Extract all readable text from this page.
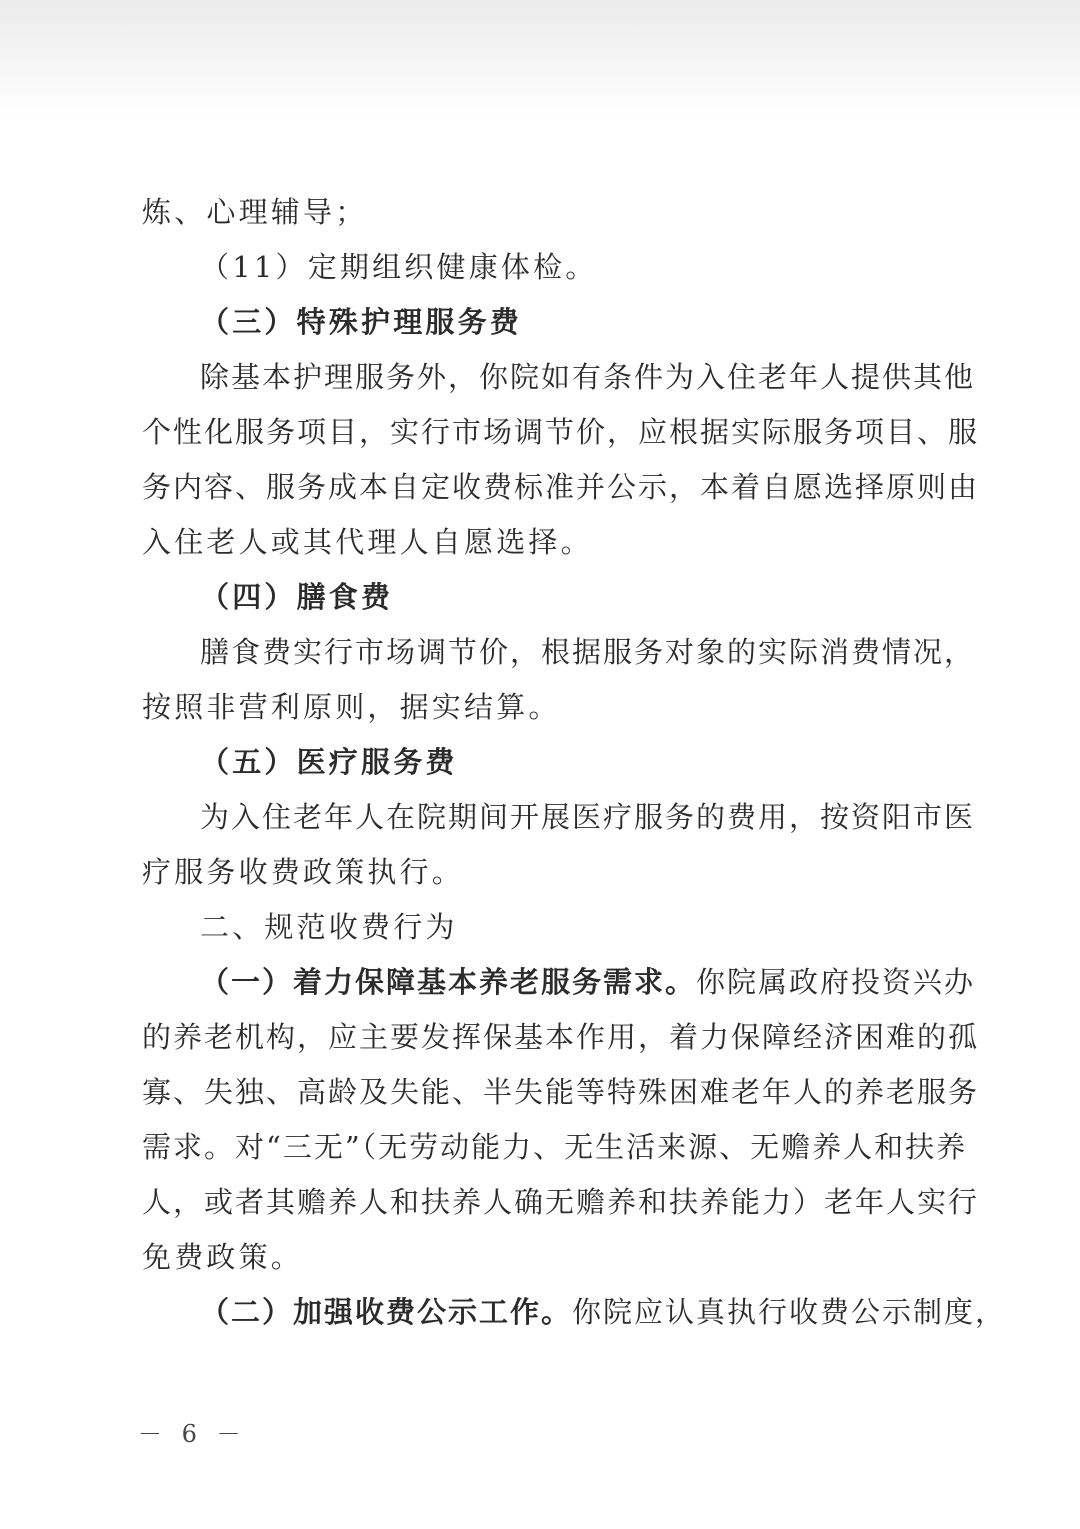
炼、心理辅导；
（11）定期组织健康体检。
（三）特殊护理服务费
除基本护理服务外，你院如有条件为入住老年人提供其他
个性化服务项目，实行市场调节价，应根据实际服务项目、服
务内容、服务成本自定收费标准并公示，本着自愿选择原则由
入住老人或其代理人自愿选择。
（四）膳食费
膳食费实行市场调节价，根据服务对象的实际消费情况，
按照非营利原则，据实结算。
（五）医疗服务费
为入住老年人在院期间开展医疗服务的费用，按资阳市医
疗服务收费政策执行。
二、规范收费行为
（一）着力保障基本养老服务需求。你院属政府投资兴办
的养老机构，应主要发挥保基本作用，着力保障经济困难的孤
寡、失独、高龄及失能、半失能等特殊困难老年人的养老服务
需求。对“三无”（无劳动能力、无生活来源、无赡养人和扶养
人，或者其赡养人和扶养人确无赡养和扶养能力）老年人实行
免费政策。
（二）加强收费公示工作。你院应认真执行收费公示制度，
－ 6 －
